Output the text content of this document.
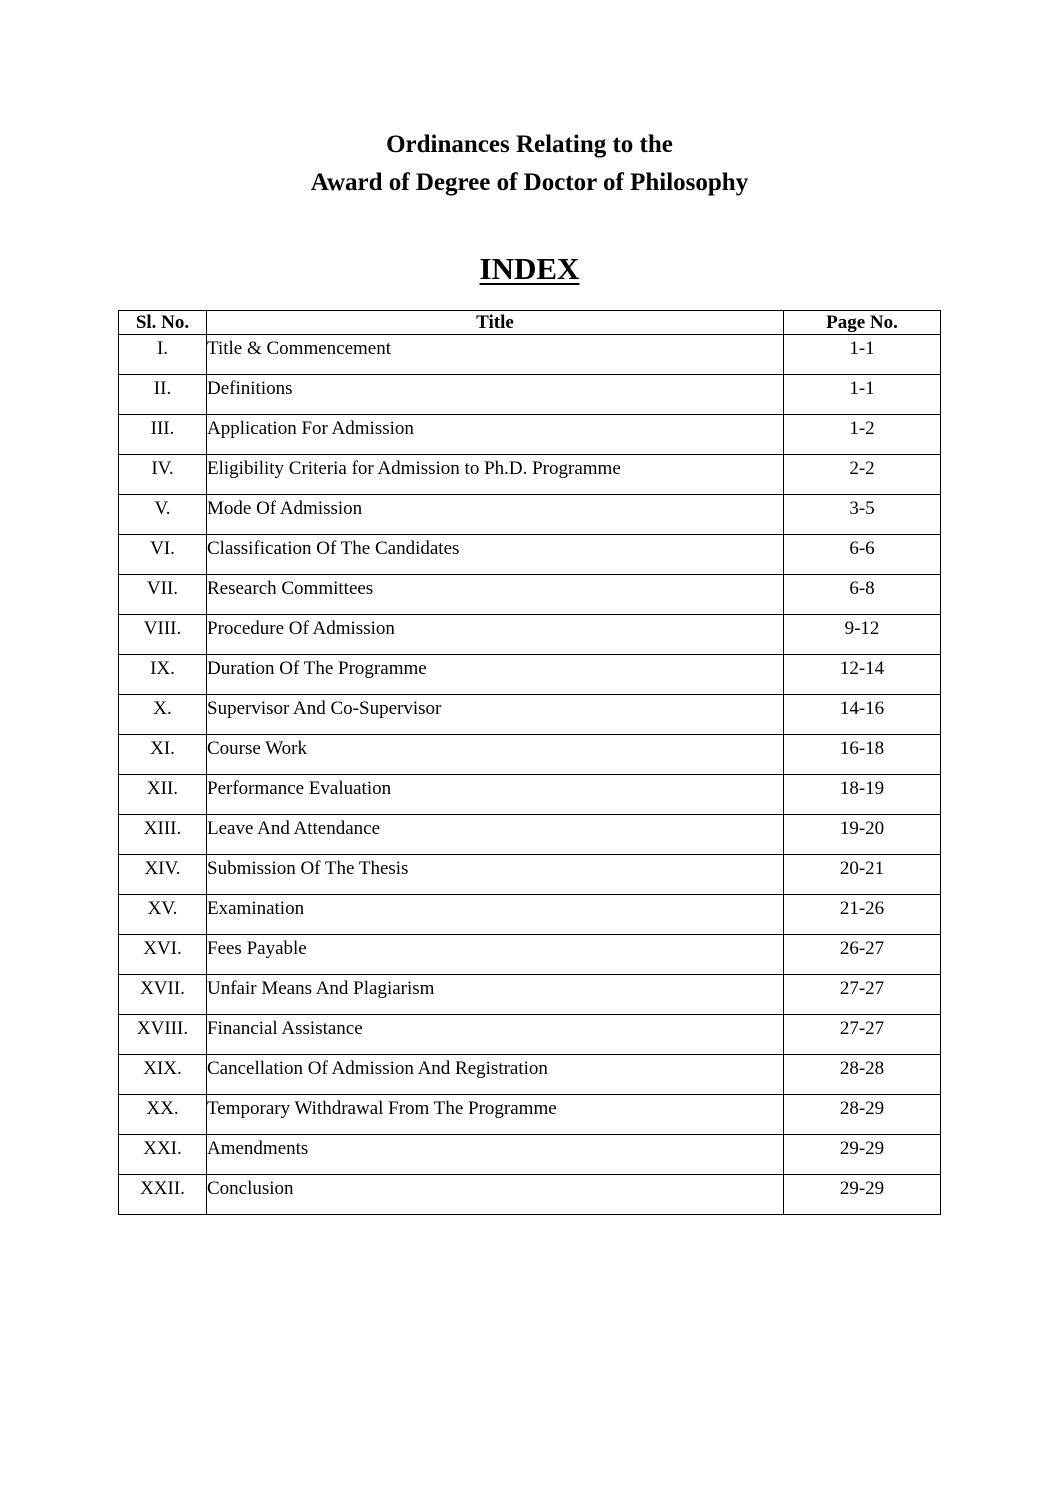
Ordinances Relating to the
Award of Degree of Doctor of Philosophy
INDEX
Sl. No.	Title	Page No.
I.	Title & Commencement	1-1
II.	Definitions	1-1
III.	Application For Admission	1-2
IV.	Eligibility Criteria for Admission to Ph.D. Programme	2-2
V.	Mode Of Admission	3-5
VI.	Classification Of The Candidates	6-6
VII.	Research Committees	6-8
VIII.	Procedure Of Admission	9-12
IX.	Duration Of The Programme	12-14
X.	Supervisor And Co-Supervisor	14-16
XI.	Course Work	16-18
XII.	Performance Evaluation	18-19
XIII.	Leave And Attendance	19-20
XIV.	Submission Of The Thesis	20-21
XV.	Examination	21-26
XVI.	Fees Payable	26-27
XVII.	Unfair Means And Plagiarism	27-27
XVIII.	Financial Assistance	27-27
XIX.	Cancellation Of Admission And Registration	28-28
XX.	Temporary Withdrawal From The Programme	28-29
XXI.	Amendments	29-29
XXII.	Conclusion	29-29
